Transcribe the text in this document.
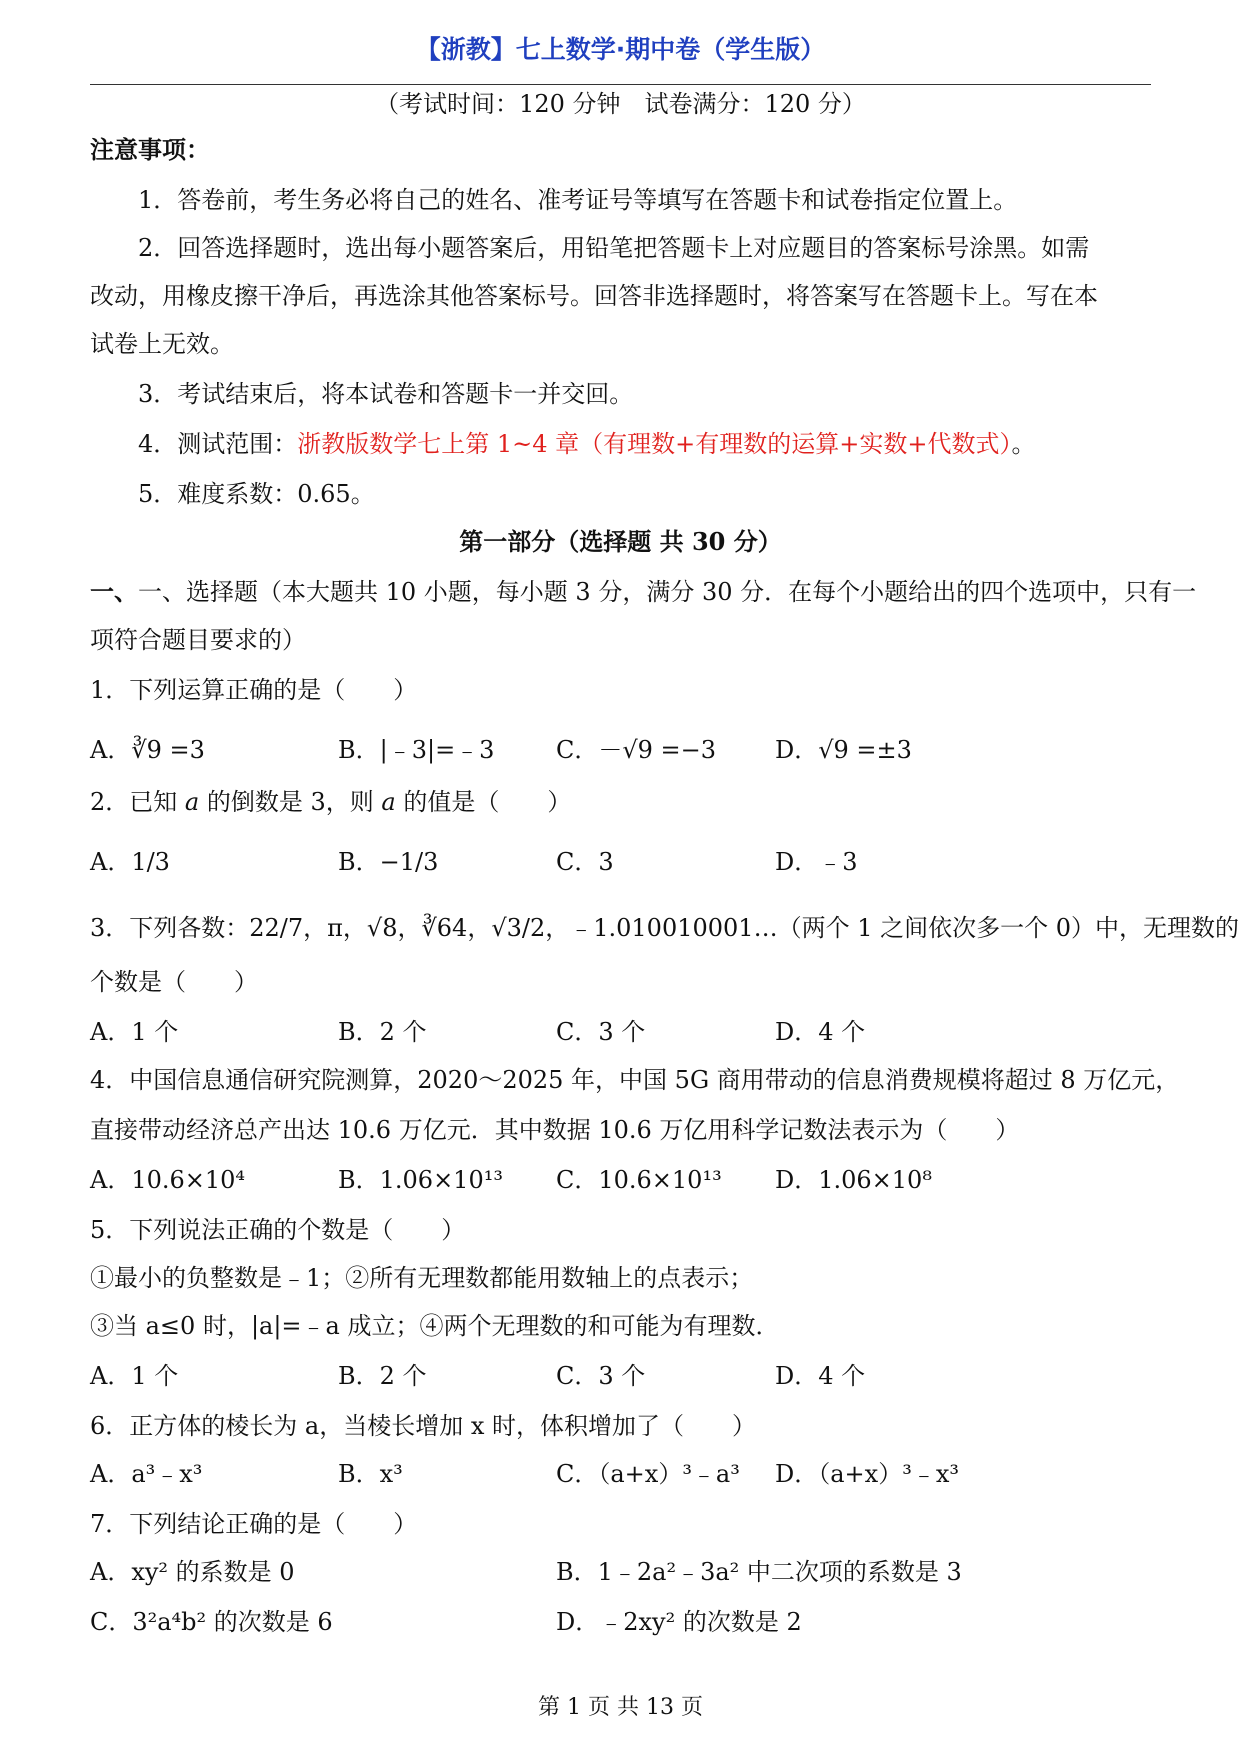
【浙教】七上数学·期中卷（学生版）
（考试时间：120 分钟　试卷满分：120 分）
注意事项：
1．答卷前，考生务必将自己的姓名、准考证号等填写在答题卡和试卷指定位置上。
2．回答选择题时，选出每小题答案后，用铅笔把答题卡上对应题目的答案标号涂黑。如需
改动，用橡皮擦干净后，再选涂其他答案标号。回答非选择题时，将答案写在答题卡上。写在本
试卷上无效。
3．考试结束后，将本试卷和答题卡一并交回。
4．测试范围：浙教版数学七上第 1~4 章（有理数+有理数的运算+实数+代数式）。
5．难度系数：0.65。
第一部分（选择题 共 30 分）
一、一、选择题（本大题共 10 小题，每小题 3 分，满分 30 分．在每个小题给出的四个选项中，只有一
项符合题目要求的）
1．下列运算正确的是（　　）
A．∛9 =3	B．|﹣3|=﹣3	C．－√9 =−3 D．√9 =±3
2．已知 a 的倒数是 3，则 a 的值是（　　）
A．1/3	B．−1/3	C．3	D．﹣3
3．下列各数：22/7，π，√8，∛64，√3/2，﹣1.010010001…（两个 1 之间依次多一个 0）中，无理数的
个数是（　　）
A．1 个	B．2 个	C．3 个	D．4 个
4．中国信息通信研究院测算，2020～2025 年，中国 5G 商用带动的信息消费规模将超过 8 万亿元，
直接带动经济总产出达 10.6 万亿元．其中数据 10.6 万亿用科学记数法表示为（　　）
A．10.6×10⁴	B．1.06×10¹³ C．10.6×10¹³ D．1.06×10⁸
5．下列说法正确的个数是（　　）
①最小的负整数是﹣1；②所有无理数都能用数轴上的点表示；
③当 a≤0 时，|a|=﹣a 成立；④两个无理数的和可能为有理数．
A．1 个	B．2 个	C．3 个	D．4 个
6．正方体的棱长为 a，当棱长增加 x 时，体积增加了（　　）
A．a³﹣x³	B．x³	C．（a+x）³﹣a³ D．（a+x）³﹣x³
7．下列结论正确的是（　　）
A．xy² 的系数是 0	B．1﹣2a²﹣3a² 中二次项的系数是 3
C．3²a⁴b² 的次数是 6	D．﹣2xy² 的次数是 2
第 1 页 共 13 页
